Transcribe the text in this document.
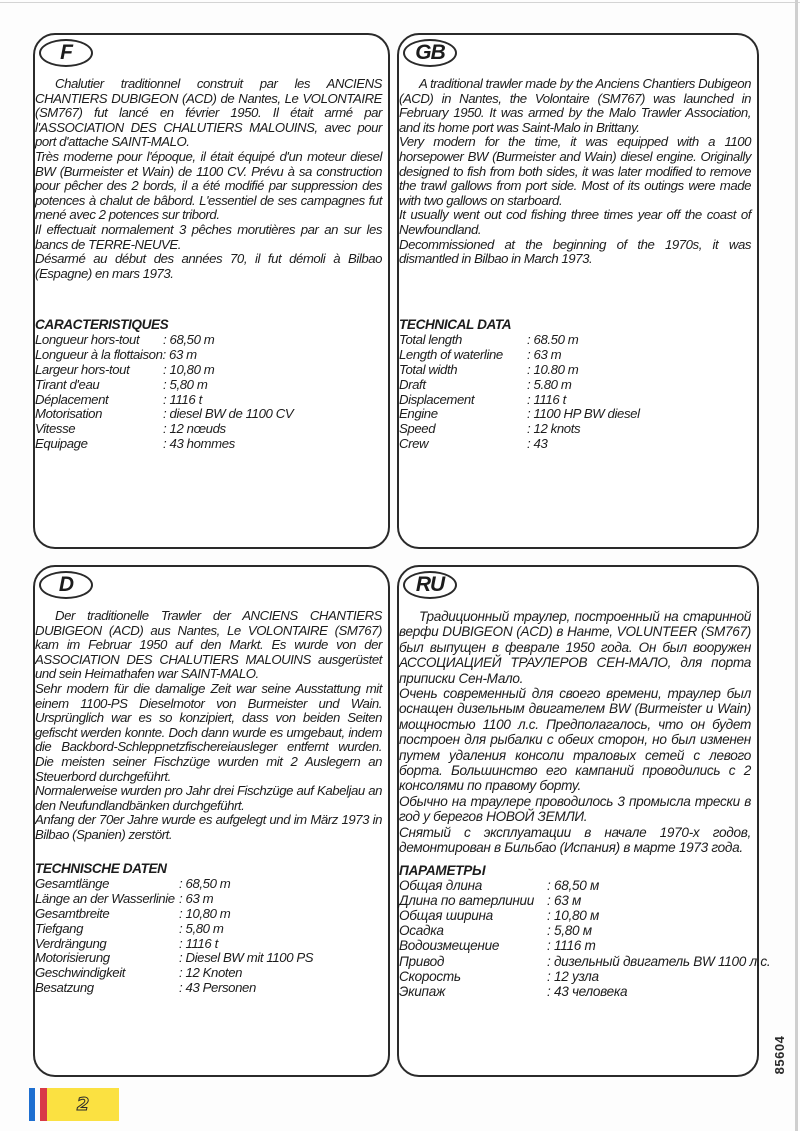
F

Chalutier traditionnel construit par les ANCIENS CHANTIERS DUBIGEON (ACD) de Nantes, Le VOLONTAIRE (SM767) fut lancé en février 1950. Il était armé par l'ASSOCIATION DES CHALUTIERS MALOUINS, avec pour port d'attache SAINT-MALO.

Très moderne pour l'époque, il était équipé d'un moteur diesel BW (Burmeister et Wain) de 1100 CV. Prévu à sa construction pour pêcher des 2 bords, il a été modifié par suppression des potences à chalut de bâbord. L'essentiel de ses campagnes fut mené avec 2 potences sur tribord.

Il effectuait normalement 3 pêches morutières par an sur les bancs de TERRE-NEUVE.

Désarmé au début des années 70, il fut démoli à Bilbao (Espagne) en mars 1973.

CARACTERISTIQUES
Longueur hors-tout	: 68,50 m
Longueur à la flottaison : 63 m
Largeur hors-tout	: 10,80 m
Tirant d'eau	: 5,80 m
Déplacement	: 1116 t
Motorisation	: diesel BW de 1100 CV
Vitesse	: 12 nœuds
Equipage	: 43 hommes
GB

A traditional trawler made by the Anciens Chantiers Dubigeon (ACD) in Nantes, the Volontaire (SM767) was launched in February 1950. It was armed by the Malo Trawler Association, and its home port was Saint-Malo in Brittany.

Very modern for the time, it was equipped with a 1100 horsepower BW (Burmeister and Wain) diesel engine. Originally designed to fish from both sides, it was later modified to remove the trawl gallows from port side. Most of its outings were made with two gallows on starboard.

It usually went out cod fishing three times year off the coast of Newfoundland.

Decommissioned at the beginning of the 1970s, it was dismantled in Bilbao in March 1973.

TECHNICAL DATA
Total length	: 68.50 m
Length of waterline	: 63 m
Total width	: 10.80 m
Draft	: 5.80 m
Displacement	: 1116 t
Engine	: 1100 HP BW diesel
Speed	: 12 knots
Crew	: 43
D

Der traditionelle Trawler der ANCIENS CHANTIERS DUBIGEON (ACD) aus Nantes, Le VOLONTAIRE (SM767) kam im Februar 1950 auf den Markt. Es wurde von der ASSOCIATION DES CHALUTIERS MALOUINS ausgerüstet und sein Heimathafen war SAINT-MALO.

Sehr modern für die damalige Zeit war seine Ausstattung mit einem 1100-PS Dieselmotor von Burmeister und Wain. Ursprünglich war es so konzipiert, dass von beiden Seiten gefischt werden konnte. Doch dann wurde es umgebaut, indem die Backbord-Schleppnetzfischereiausleger entfernt wurden. Die meisten seiner Fischzüge wurden mit 2 Auslegern an Steuerbord durchgeführt.

Normalerweise wurden pro Jahr drei Fischzüge auf Kabeljau an den Neufundlandbänken durchgeführt.

Anfang der 70er Jahre wurde es aufgelegt und im März 1973 in Bilbao (Spanien) zerstört.

TECHNISCHE DATEN
Gesamtlänge	: 68,50 m
Länge an der Wasserlinie : 63 m
Gesamtbreite	: 10,80 m
Tiefgang	: 5,80 m
Verdrängung	: 1116 t
Motorisierung	: Diesel BW mit 1100 PS
Geschwindigkeit	: 12 Knoten
Besatzung	: 43 Personen
RU

Традиционный траулер, построенный на старинной верфи DUBIGEON (ACD) в Нанте, VOLUNTEER (SM767) был выпущен в феврале 1950 года. Он был вооружен АССОЦИАЦИЕЙ ТРАУЛЕРОВ СЕН-МАЛО, для порта приписки Сен-Мало.

Очень современный для своего времени, траулер был оснащен дизельным двигателем BW (Burmeister u Wain) мощностью 1100 л.с. Предполагалось, что он будет построен для рыбалки с обеих сторон, но был изменен путем удаления консоли траловых сетей с левого борта. Большинство его кампаний проводились с 2 консолями по правому борту.

Обычно на траулере проводилось 3 промысла трески в год у берегов НОВОЙ ЗЕМЛИ.

Снятый с эксплуатации в начале 1970-х годов, демонтирован в Бильбао (Испания) в марте 1973 года.

ПАРАМЕТРЫ
Общая длина	: 68,50 м
Длина по ватерлинии : 63 м
Общая ширина	: 10,80 м
Осадка	: 5,80 м
Водоизмещение	: 1116 т
Привод	: дизельный двигатель BW 1100 л.с.
Скорость	: 12 узла
Экипаж	: 43 человека
2
85604
